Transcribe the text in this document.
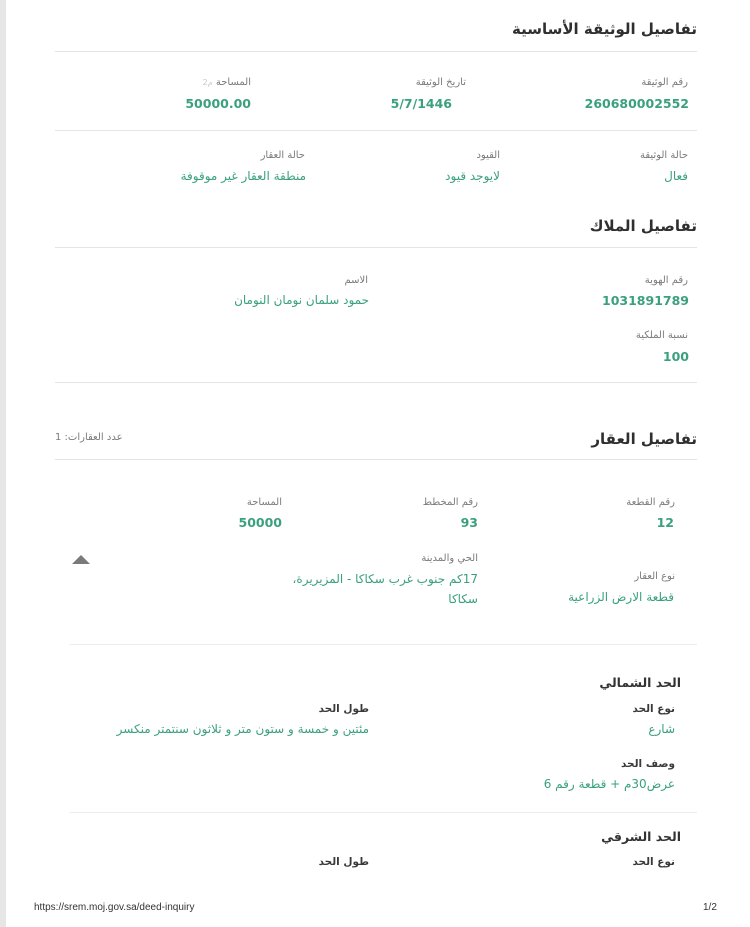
تفاصيل الوثيقة الأساسية
رقم الوثيقة
260680002552
تاريخ الوثيقة
5/7/1446
المساحة م2
50000.00
حالة الوثيقة
فعال
القيود
لايوجد قيود
حالة العقار
منطقة العقار غير موقوفة
تفاصيل الملاك
رقم الهوية
1031891789
الاسم
حمود سلمان نومان النومان
نسبة الملكية
100
تفاصيل العقار
عدد العقارات: 1
رقم القطعة
12
رقم المخطط
93
المساحة
50000
الحي والمدينة
17كم جنوب غرب سكاكا - المزيريرة،
سكاكا
نوع العقار
قطعة الارض الزراعية
الحد الشمالي
نوع الحد
شارع
طول الحد
مئتين و خمسة و ستون متر و ثلاثون سنتمتر منكسر
وصف الحد
عرض30م + قطعة رقم 6
الحد الشرقي
نوع الحد
طول الحد
https://srem.moj.gov.sa/deed-inquiry	1/2
